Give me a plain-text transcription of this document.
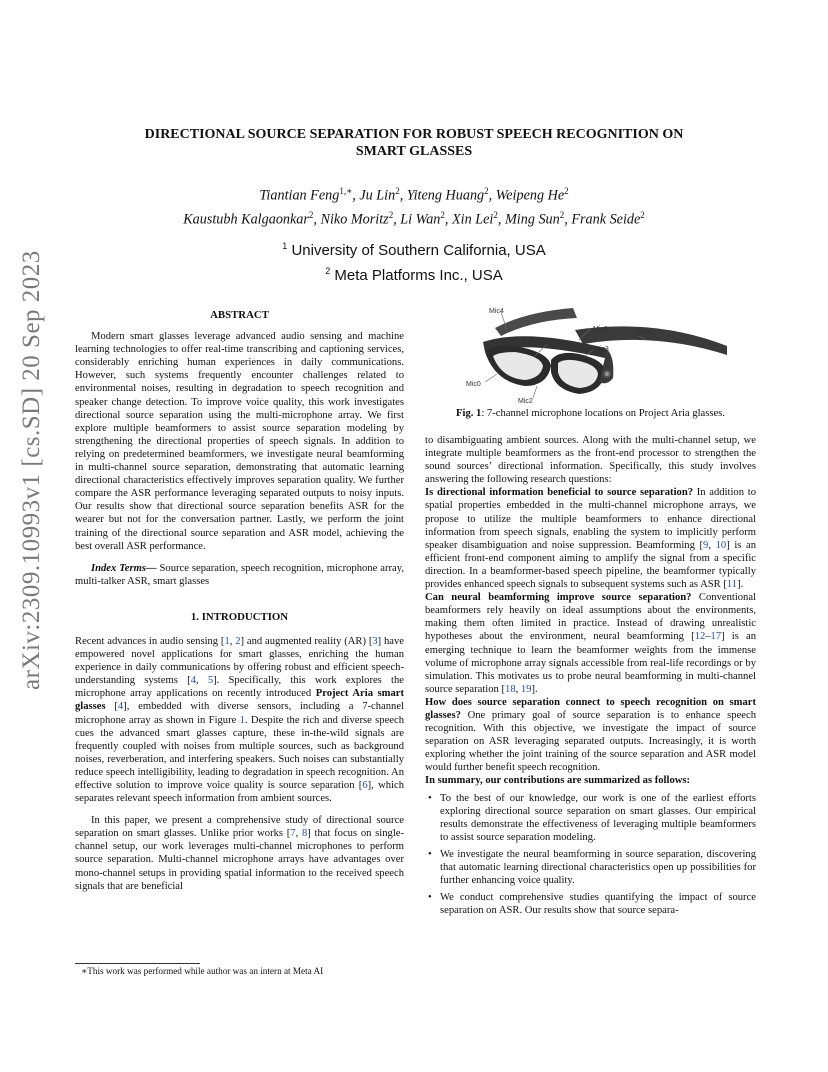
arXiv:2309.10993v1 [cs.SD] 20 Sep 2023
DIRECTIONAL SOURCE SEPARATION FOR ROBUST SPEECH RECOGNITION ON
SMART GLASSES
Tiantian Feng$^{1,∗}$, Ju Lin$^2$, Yiteng Huang$^2$, Weipeng He$^2$
Kaustubh Kalgaonkar$^2$, Niko Moritz$^2$, Li Wan$^2$, Xin Lei$^2$, Ming Sun$^2$, Frank Seide$^2$
$^1$ University of Southern California, USA
$^2$ Meta Platforms Inc., USA
ABSTRACT

Modern smart glasses leverage advanced audio sensing and machine learning technologies to offer real-time transcribing and captioning services, considerably enriching human experiences in daily communications. However, such systems frequently encounter challenges related to environmental noises, resulting in degradation to speech recognition and speaker change detection. To improve voice quality, this work investigates directional source separation using the multi-microphone array. We first explore multiple beamformers to assist source separation modeling by strengthening the directional properties of speech signals. In addition to relying on predetermined beamformers, we investigate neural beamforming in multi-channel source separation, demonstrating that automatic learning directional characteristics effectively improves separation quality. We further compare the ASR performance leveraging separated outputs to noisy inputs. Our results show that directional source separation benefits ASR for the wearer but not for the conversation partner. Lastly, we perform the joint training of the directional source separation and ASR model, achieving the best overall ASR performance.

Index Terms— Source separation, speech recognition, microphone array, multi-talker ASR, smart glasses

1. INTRODUCTION

Recent advances in audio sensing [1, 2] and augmented reality (AR) [3] have empowered novel applications for smart glasses, enriching the human experience in daily communications by offering robust and efficient speech-understanding systems [4, 5]. Specifically, this work explores the microphone array applications on recently introduced Project Aria smart glasses [4], embedded with diverse sensors, including a 7-channel microphone array as shown in Figure 1. Despite the rich and diverse speech cues the advanced smart glasses capture, these in-the-wild signals are frequently coupled with noises from multiple sources, such as background noises, reverberation, and interfering speakers. Such noises can substantially reduce speech intelligibility, leading to degradation in speech recognition. An effective solution to improve voice quality is source separation [6], which separates relevant speech information from ambient sources.

In this paper, we present a comprehensive study of directional source separation on smart glasses. Unlike prior works [7, 8] that focus on single-channel setup, our work leverages multi-channel microphones to perform source separation. Multi-channel microphone arrays have advantages over mono-channel setups in providing spatial information to the received speech signals that are beneficial

∗This work was performed while author was an intern at Meta AI
Mic4
Mic1
Mic6
Mic3
Mic5
Mic0
Mic2
Fig. 1: 7-channel microphone locations on Project Aria glasses.

to disambiguating ambient sources. Along with the multi-channel setup, we integrate multiple beamformers as the front-end processor to strengthen the sound sources’ directional information. Specifically, this study involves answering the following research questions:

Is directional information beneficial to source separation? In addition to spatial properties embedded in the multi-channel microphone arrays, we propose to utilize the multiple beamformers to enhance directional information from speech signals, enabling the system to implicitly perform speaker disambiguation and noise suppression. Beamforming [9, 10] is an efficient front-end component aiming to amplify the signal from a specific direction. In a beamformer-based speech pipeline, the beamformer typically provides enhanced speech signals to subsequent systems such as ASR [11].

Can neural beamforming improve source separation? Conventional beamformers rely heavily on ideal assumptions about the environments, making them often limited in practice. Instead of drawing unrealistic hypotheses about the environment, neural beamforming [12–17] is an emerging technique to learn the beamformer weights from the immense volume of microphone array signals accessible from real-life recordings or by simulation. This motivates us to probe neural beamforming in multi-channel source separation [18, 19].

How does source separation connect to speech recognition on smart glasses? One primary goal of source separation is to enhance speech recognition. With this objective, we investigate the impact of source separation on ASR leveraging separated outputs. Increasingly, it is worth exploring whether the joint training of the source separation and ASR model would further benefit speech recognition.

In summary, our contributions are summarized as follows:

• To the best of our knowledge, our work is one of the earliest efforts exploring directional source separation on smart glasses. Our empirical results demonstrate the effectiveness of leveraging multiple beamformers to assist source separation modeling.
• We investigate the neural beamforming in source separation, discovering that automatic learning directional characteristics open up possibilities for further enhancing voice quality.
• We conduct comprehensive studies quantifying the impact of source separation on ASR. Our results show that source separa-
